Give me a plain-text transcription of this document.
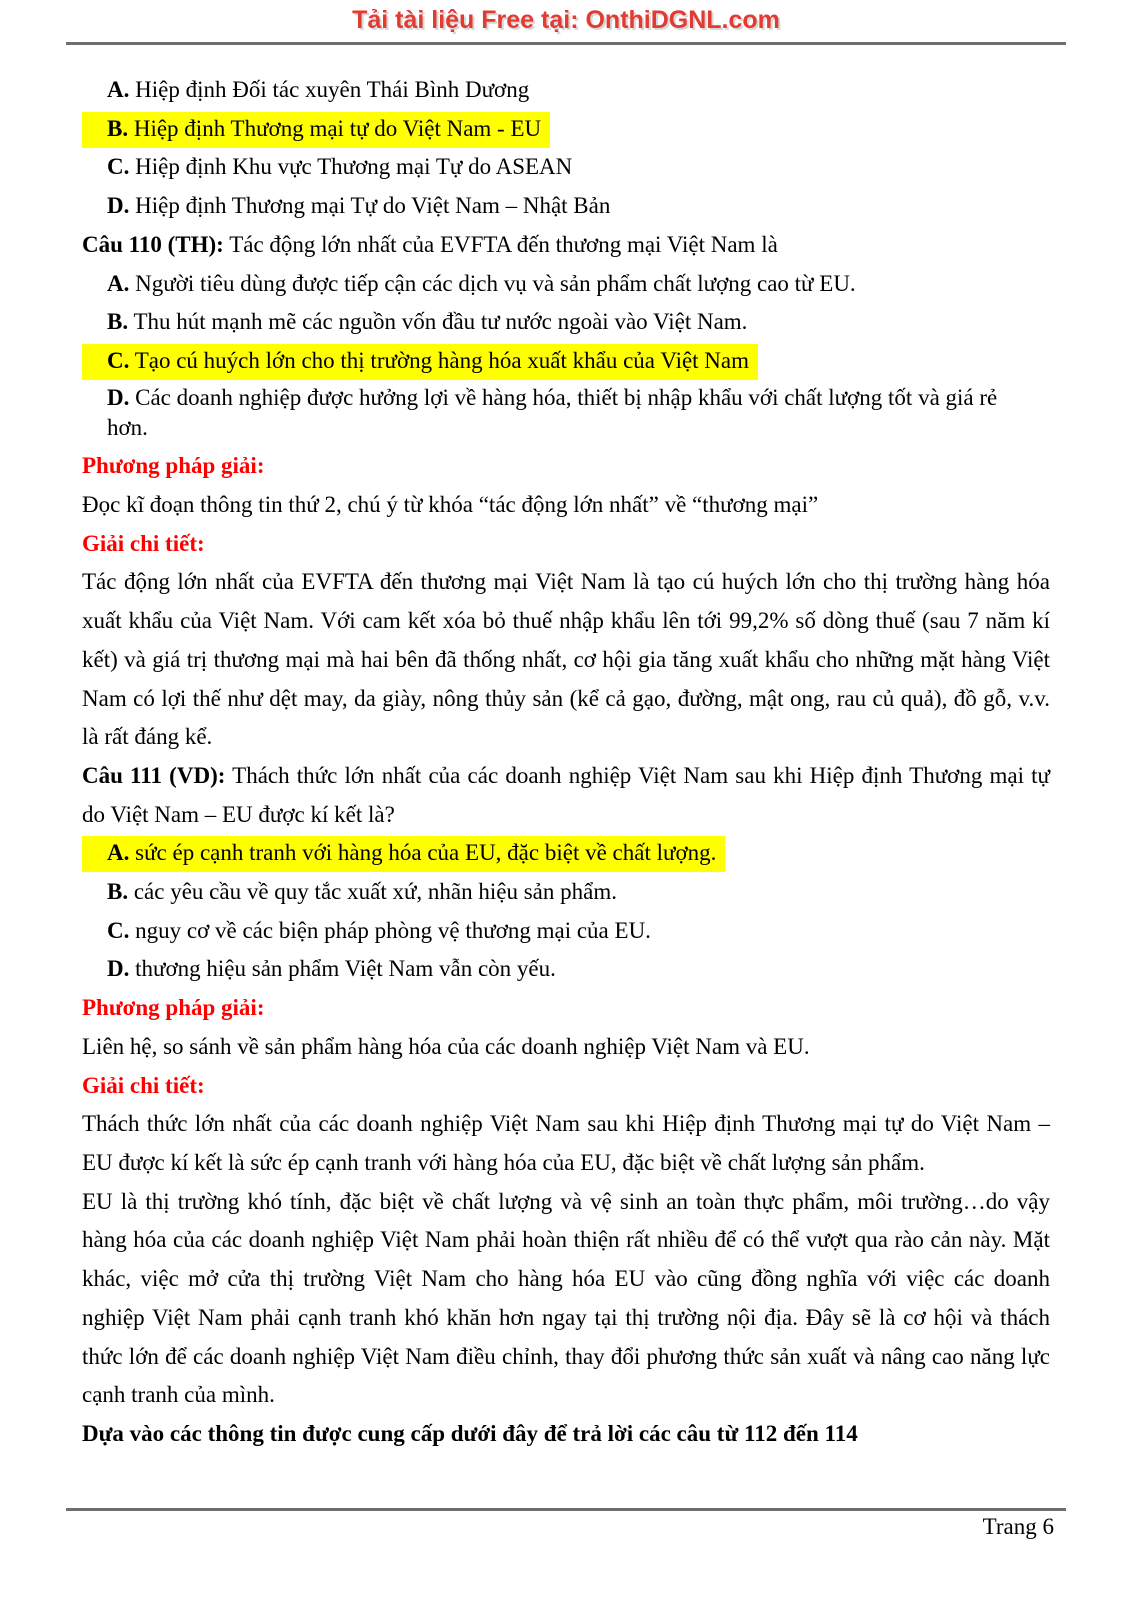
Tải tài liệu Free tại: OnthiDGNL.com
A. Hiệp định Đối tác xuyên Thái Bình Dương
B. Hiệp định Thương mại tự do Việt Nam - EU
C. Hiệp định Khu vực Thương mại Tự do ASEAN
D. Hiệp định Thương mại Tự do Việt Nam – Nhật Bản

Câu 110 (TH): Tác động lớn nhất của EVFTA đến thương mại Việt Nam là

A. Người tiêu dùng được tiếp cận các dịch vụ và sản phẩm chất lượng cao từ EU.
B. Thu hút mạnh mẽ các nguồn vốn đầu tư nước ngoài vào Việt Nam.
C. Tạo cú huých lớn cho thị trường hàng hóa xuất khẩu của Việt Nam
D. Các doanh nghiệp được hưởng lợi về hàng hóa, thiết bị nhập khẩu với chất lượng tốt và giá rẻ hơn.
Phương pháp giải:

Đọc kĩ đoạn thông tin thứ 2, chú ý từ khóa “tác động lớn nhất” về “thương mại”

Giải chi tiết:

Tác động lớn nhất của EVFTA đến thương mại Việt Nam là tạo cú huých lớn cho thị trường hàng hóa xuất khẩu của Việt Nam. Với cam kết xóa bỏ thuế nhập khẩu lên tới 99,2% số dòng thuế (sau 7 năm kí kết) và giá trị thương mại mà hai bên đã thống nhất, cơ hội gia tăng xuất khẩu cho những mặt hàng Việt Nam có lợi thế như dệt may, da giày, nông thủy sản (kể cả gạo, đường, mật ong, rau củ quả), đồ gỗ, v.v. là rất đáng kể.

Câu 111 (VD): Thách thức lớn nhất của các doanh nghiệp Việt Nam sau khi Hiệp định Thương mại tự do Việt Nam – EU được kí kết là?

A. sức ép cạnh tranh với hàng hóa của EU, đặc biệt về chất lượng.
B. các yêu cầu về quy tắc xuất xứ, nhãn hiệu sản phẩm.
C. nguy cơ về các biện pháp phòng vệ thương mại của EU.
D. thương hiệu sản phẩm Việt Nam vẫn còn yếu.
Phương pháp giải:

Liên hệ, so sánh về sản phẩm hàng hóa của các doanh nghiệp Việt Nam và EU.

Giải chi tiết:

Thách thức lớn nhất của các doanh nghiệp Việt Nam sau khi Hiệp định Thương mại tự do Việt Nam – EU được kí kết là sức ép cạnh tranh với hàng hóa của EU, đặc biệt về chất lượng sản phẩm.

EU là thị trường khó tính, đặc biệt về chất lượng và vệ sinh an toàn thực phẩm, môi trường…do vậy hàng hóa của các doanh nghiệp Việt Nam phải hoàn thiện rất nhiều để có thể vượt qua rào cản này. Mặt khác, việc mở cửa thị trường Việt Nam cho hàng hóa EU vào cũng đồng nghĩa với việc các doanh nghiệp Việt Nam phải cạnh tranh khó khăn hơn ngay tại thị trường nội địa. Đây sẽ là cơ hội và thách thức lớn để các doanh nghiệp Việt Nam điều chỉnh, thay đổi phương thức sản xuất và nâng cao năng lực cạnh tranh của mình.

Dựa vào các thông tin được cung cấp dưới đây để trả lời các câu từ 112 đến 114

Trang 6
